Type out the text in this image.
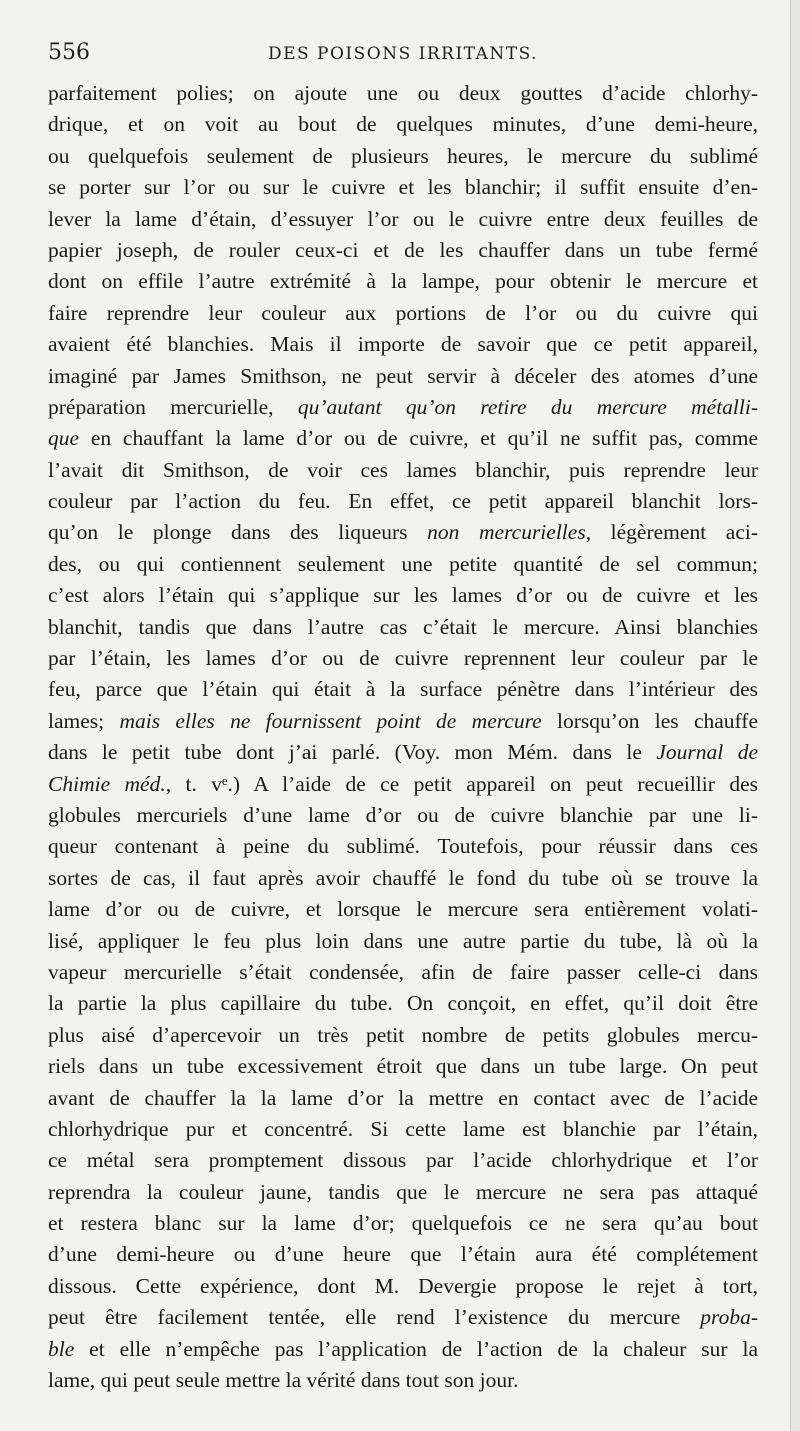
556	DES POISONS IRRITANTS.
parfaitement polies; on ajoute une ou deux gouttes d’acide chlorhy-
drique, et on voit au bout de quelques minutes, d’une demi-heure,
ou quelquefois seulement de plusieurs heures, le mercure du sublimé
se porter sur l’or ou sur le cuivre et les blanchir; il suffit ensuite d’en-
lever la lame d’étain, d’essuyer l’or ou le cuivre entre deux feuilles de
papier joseph, de rouler ceux-ci et de les chauffer dans un tube fermé
dont on effile l’autre extrémité à la lampe, pour obtenir le mercure et
faire reprendre leur couleur aux portions de l’or ou du cuivre qui
avaient été blanchies. Mais il importe de savoir que ce petit appareil,
imaginé par James Smithson, ne peut servir à déceler des atomes d’une
préparation mercurielle, qu’autant qu’on retire du mercure métalli-
que en chauffant la lame d’or ou de cuivre, et qu’il ne suffit pas, comme
l’avait dit Smithson, de voir ces lames blanchir, puis reprendre leur
couleur par l’action du feu. En effet, ce petit appareil blanchit lors-
qu’on le plonge dans des liqueurs non mercurielles, légèrement aci-
des, ou qui contiennent seulement une petite quantité de sel commun;
c’est alors l’étain qui s’applique sur les lames d’or ou de cuivre et les
blanchit, tandis que dans l’autre cas c’était le mercure. Ainsi blanchies
par l’étain, les lames d’or ou de cuivre reprennent leur couleur par le
feu, parce que l’étain qui était à la surface pénètre dans l’intérieur des
lames; mais elles ne fournissent point de mercure lorsqu’on les chauffe
dans le petit tube dont j’ai parlé. (Voy. mon Mém. dans le Journal de
Chimie méd., t. vᵉ.) A l’aide de ce petit appareil on peut recueillir des
globules mercuriels d’une lame d’or ou de cuivre blanchie par une li-
queur contenant à peine du sublimé. Toutefois, pour réussir dans ces
sortes de cas, il faut après avoir chauffé le fond du tube où se trouve la
lame d’or ou de cuivre, et lorsque le mercure sera entièrement volati-
lisé, appliquer le feu plus loin dans une autre partie du tube, là où la
vapeur mercurielle s’était condensée, afin de faire passer celle-ci dans
la partie la plus capillaire du tube. On conçoit, en effet, qu’il doit être
plus aisé d’apercevoir un très petit nombre de petits globules mercu-
riels dans un tube excessivement étroit que dans un tube large. On peut
avant de chauffer la la lame d’or la mettre en contact avec de l’acide
chlorhydrique pur et concentré. Si cette lame est blanchie par l’étain,
ce métal sera promptement dissous par l’acide chlorhydrique et l’or
reprendra la couleur jaune, tandis que le mercure ne sera pas attaqué
et restera blanc sur la lame d’or; quelquefois ce ne sera qu’au bout
d’une demi-heure ou d’une heure que l’étain aura été complétement
dissous. Cette expérience, dont M. Devergie propose le rejet à tort,
peut être facilement tentée, elle rend l’existence du mercure proba-
ble et elle n’empêche pas l’application de l’action de la chaleur sur la
lame, qui peut seule mettre la vérité dans tout son jour.
